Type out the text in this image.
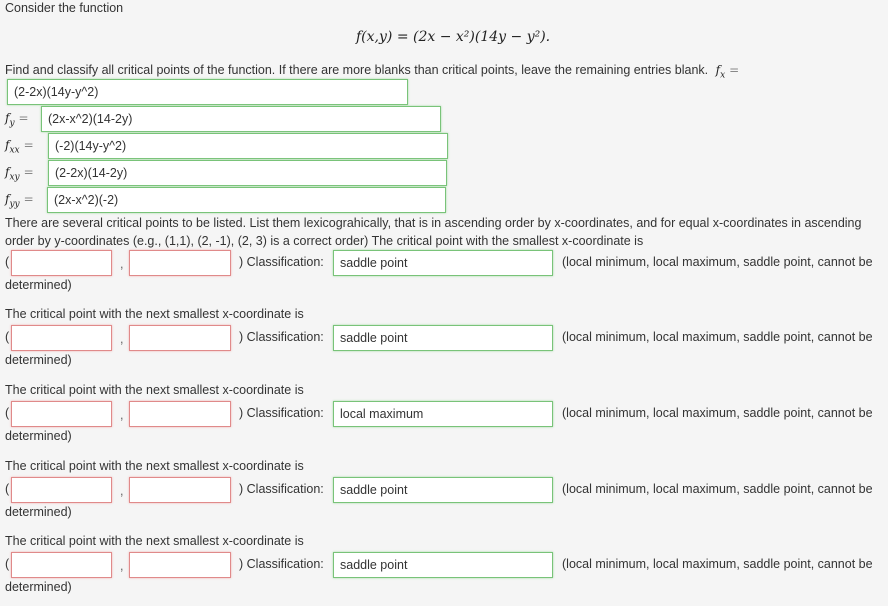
Consider the function
f(x,y) = (2x − x²)(14y − y²).
Find and classify all critical points of the function. If there are more blanks than critical points, leave the remaining entries blank. $f_x$ =
(2-2x)(14y-y^2)
$f_y$ =	(2x-x^2)(14-2y)
$f_{xx}$ =	(-2)(14y-y^2)
$f_{xy}$ =	(2-2x)(14-2y)
$f_{yy}$ =	(2x-x^2)(-2)
There are several critical points to be listed. List them lexicograhically, that is in ascending order by x-coordinates, and for equal x-coordinates in ascending order by y-coordinates (e.g., (1,1), (2, -1), (2, 3) is a correct order) The critical point with the smallest x-coordinate is
(	,	) Classification:	saddle point	(local minimum, local maximum, saddle point, cannot be
determined)
The critical point with the next smallest x-coordinate is
(	,	) Classification:	saddle point	(local minimum, local maximum, saddle point, cannot be
determined)
The critical point with the next smallest x-coordinate is
(	,	) Classification:	local maximum	(local minimum, local maximum, saddle point, cannot be
determined)
The critical point with the next smallest x-coordinate is
(	,	) Classification:	saddle point	(local minimum, local maximum, saddle point, cannot be
determined)
The critical point with the next smallest x-coordinate is
(	,	) Classification:	saddle point	(local minimum, local maximum, saddle point, cannot be
determined)
